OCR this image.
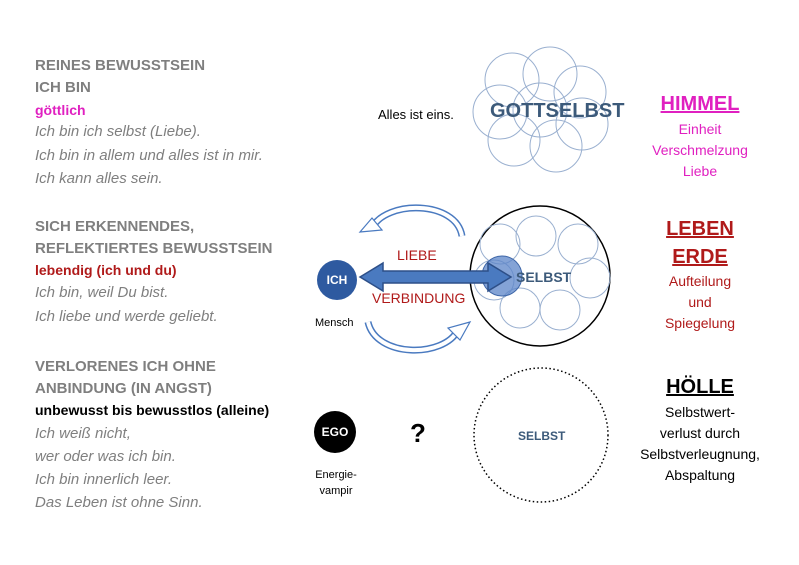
REINES BEWUSSTSEIN
ICH BIN
göttlich
Ich bin ich selbst (Liebe).
Ich bin in allem und alles ist in mir.
Ich kann alles sein.
SICH ERKENNENDES,
REFLEKTIERTES BEWUSSTSEIN
lebendig (ich und du)
Ich bin, weil Du bist.
Ich liebe und werde geliebt.
VERLORENES ICH OHNE
ANBINDUNG (IN ANGST)
unbewusst bis bewusstlos (alleine)
Ich weiß nicht,
wer oder was ich bin.
Ich bin innerlich leer.
Das Leben ist ohne Sinn.
Alles ist eins. GOTTSELBST
ICH
LIEBE
VERBINDUNG
SELBST
Mensch
EGO ?
Energie-
vampir
SELBST
HIMMEL
Einheit
Verschmelzung
Liebe
LEBEN
ERDE
Aufteilung
und
Spiegelung
HÖLLE
Selbstwert-
verlust durch
Selbstverleugnung,
Abspaltung
